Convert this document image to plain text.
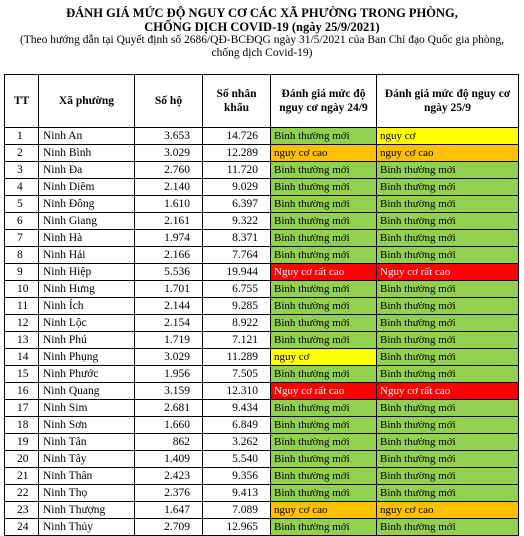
ĐÁNH GIÁ MỨC ĐỘ NGUY CƠ CÁC XÃ PHƯỜNG TRONG PHÒNG,

CHỐNG DỊCH COVID-19 (ngày 25/9/2021)

(Theo hướng dẫn tại Quyết định số 2686/QĐ-BCĐQG ngày 31/5/2021 của Ban Chỉ đạo Quốc gia phòng, chống dịch Covid-19)

TT	Xã phường	Số hộ	Số nhân khẩu	Đánh giá mức độ nguy cơ ngày 24/9	Đánh giá mức độ nguy cơ ngày 25/9
1	Ninh An	3.653	14.726	Bình thường mới	nguy cơ
2	Ninh Bình	3.029	12.289	nguy cơ cao	nguy cơ cao
3	Ninh Đa	2.760	11.720	Bình thường mới	Bình thường mới
4	Ninh Diêm	2.140	9.029	Bình thường mới	Bình thường mới
5	Ninh Đông	1.610	6.397	Bình thường mới	Bình thường mới
6	Ninh Giang	2.161	9.322	Bình thường mới	Bình thường mới
7	Ninh Hà	1.974	8.371	Bình thường mới	Bình thường mới
8	Ninh Hải	2.166	7.764	Bình thường mới	Bình thường mới
9	Ninh Hiệp	5.536	19.944	Nguy cơ rất cao	Nguy cơ rất cao
10	Ninh Hưng	1.701	6.755	Bình thường mới	Bình thường mới
11	Ninh Ích	2.144	9.285	Bình thường mới	Bình thường mới
12	Ninh Lộc	2.154	8.922	Bình thường mới	Bình thường mới
13	Ninh Phú	1.719	7.121	Bình thường mới	Bình thường mới
14	Ninh Phụng	3.029	11.289	nguy cơ	Bình thường mới
15	Ninh Phước	1.956	7.505	Bình thường mới	Bình thường mới
16	Ninh Quang	3.159	12.310	Nguy cơ rất cao	Nguy cơ rất cao
17	Ninh Sim	2.681	9.434	Bình thường mới	Bình thường mới
18	Ninh Sơn	1.660	6.849	Bình thường mới	Bình thường mới
19	Ninh Tân	862	3.262	Bình thường mới	Bình thường mới
20	Ninh Tây	1.409	5.540	Bình thường mới	Bình thường mới
21	Ninh Thân	2.423	9.356	Bình thường mới	Bình thường mới
22	Ninh Thọ	2.376	9.413	Bình thường mới	Bình thường mới
23	Ninh Thượng	1.647	7.089	nguy cơ cao	nguy cơ cao
24	Ninh Thủy	2.709	12.965	Bình thường mới	Bình thường mới
